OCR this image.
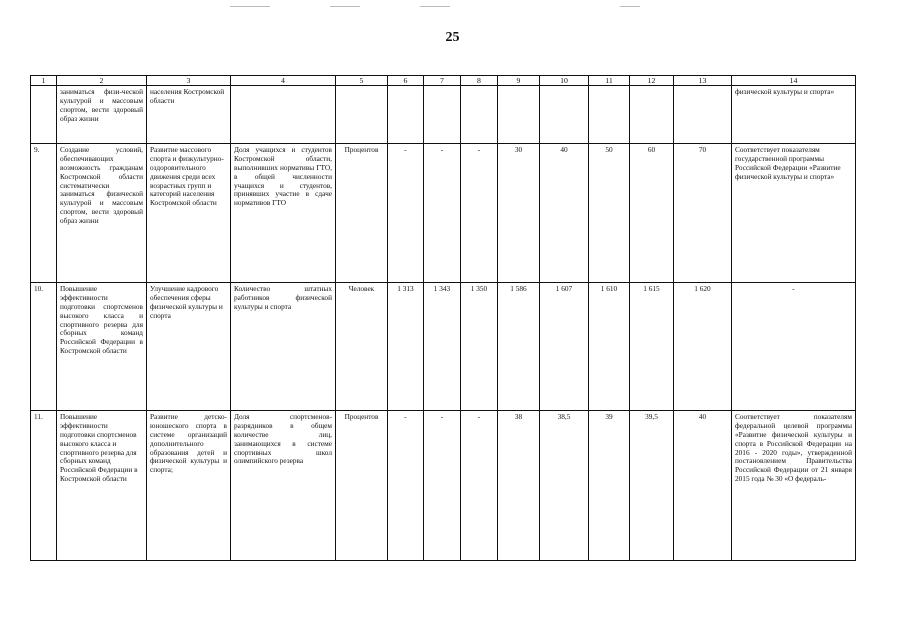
25
1	2	3	4	5	6	7	8	9	10	11	12	13	14
	заниматься физи-ческой культурой и массовым спортом, вести здоровый образ жизни	населения Костромской области											физической культуры и спорта»
9.	Создание условий, обеспечивающих возможность гражданам Костромской области систематически заниматься физической культурой и массовым спортом, вести здоровый образ жизни	Развитие массового спорта и физкультурно-оздоровительного движения среди всех возрастных групп и категорий населения Костромской области	Доля учащихся и студентов Костромской области, выполнивших нормативы ГТО, в общей численности учащихся и студентов, принявших участие в сдаче нормативов ГТО	Процентов	-	-	-	30	40	50	60	70	Соответствует показателям государственной программы Российской Федерации «Развитие физической культуры и спорта»
10.	Повышение эффективности подготовки спортсменов высокого класса и спортивного резерва для сборных команд Российской Федерации в Костромской области	Улучшение кадрового обеспечения сферы физической культуры и спорта	Количество штатных работников физической культуры и спорта	Человек	1 313	1 343	1 350	1 586	1 607	1 610	1 615	1 620	-
11.	Повышение эффективности подготовки спортсменов высокого класса и спортивного резерва для сборных команд Российской Федерации в Костромской области	Развитие детско-юношеского спорта в системе организаций дополнительного образования детей и физической культуры и спорта;	Доля спортсменов-разрядников в общем количестве лиц, занимающихся в системе спортивных школ олимпийского резерва	Процентов	-	-	-	38	38,5	39	39,5	40	Соответствует показателям федеральной целевой программы «Развитие физической культуры и спорта в Российской Федерации на 2016 - 2020 годы», утвержденной постановлением Правительства Российской Федерации от 21 января 2015 года № 30 «О федераль-
